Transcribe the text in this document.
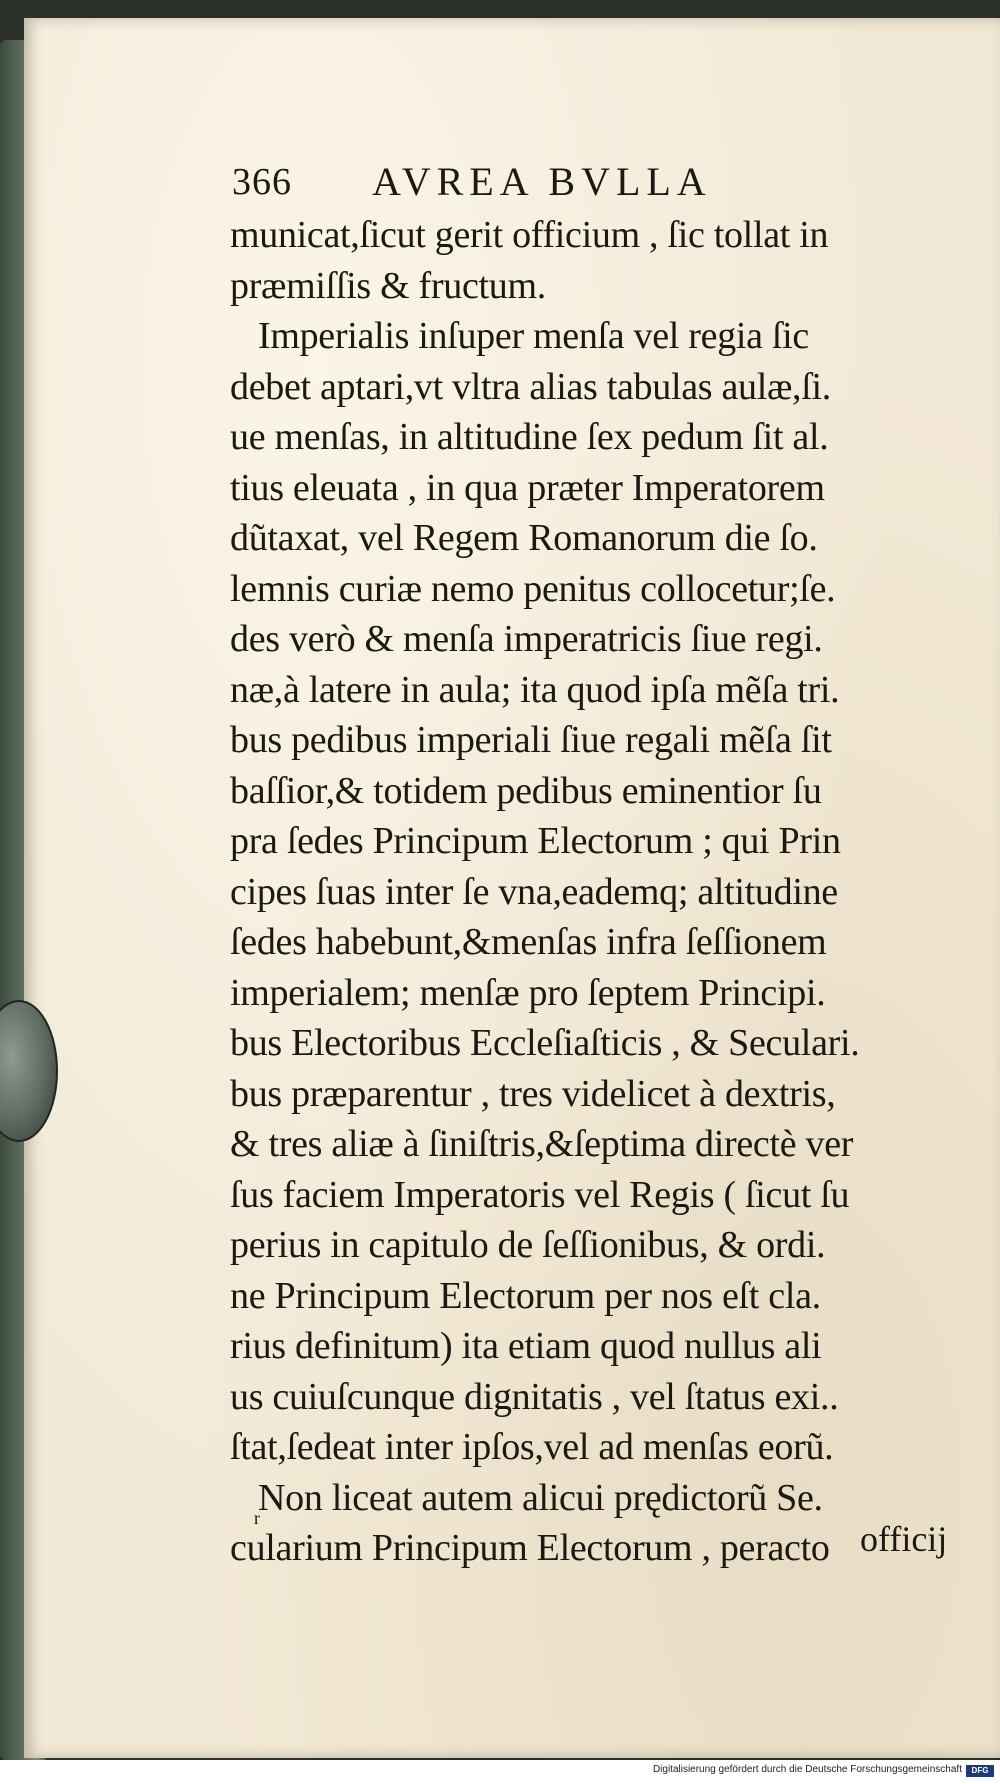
366 AVREA BVLLA
municat,ſicut gerit officium , ſic tollat in
præmiſſis & fructum.
Imperialis inſuper menſa vel regia ſic
debet aptari,vt vltra alias tabulas aulæ,ſi.
ue menſas, in altitudine ſex pedum ſit al.
tius eleuata , in qua præter Imperatorem
dũtaxat, vel Regem Romanorum die ſo.
lemnis curiæ nemo penitus collocetur;ſe.
des verò & menſa imperatricis ſiue regi.
næ,à latere in aula; ita quod ipſa mẽſa tri.
bus pedibus imperiali ſiue regali mẽſa ſit
baſſior,& totidem pedibus eminentior ſu
pra ſedes Principum Electorum ; qui Prin
cipes ſuas inter ſe vna,eademq; altitudine
ſedes habebunt,&menſas infra ſeſſionem
imperialem; menſæ pro ſeptem Principi.
bus Electoribus Eccleſiaſticis , & Seculari.
bus præparentur , tres videlicet à dextris,
& tres aliæ à ſiniſtris,&ſeptima directè ver
ſus faciem Imperatoris vel Regis ( ſicut ſu
perius in capitulo de ſeſſionibus, & ordi.
ne Principum Electorum per nos eſt cla.
rius definitum) ita etiam quod nullus ali
us cuiuſcunque dignitatis , vel ſtatus exi..
ſtat,ſedeat inter ipſos,vel ad menſas eorũ.
Non liceat autem alicui prędictorũ Se.
cularium Principum Electorum , peracto
r
officij
Digitalisierung gefördert durch die Deutsche Forschungsgemeinschaft	DFG
